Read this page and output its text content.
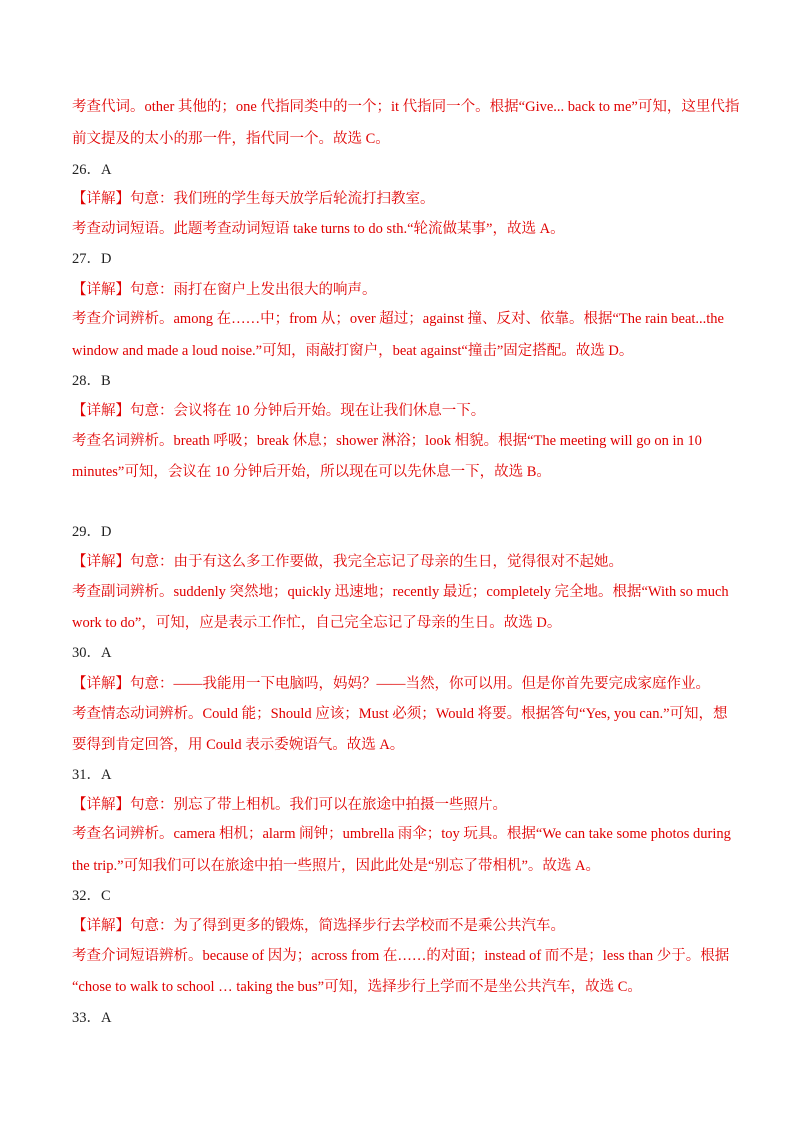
考查代词。other 其他的；one 代指同类中的一个；it 代指同一个。根据“Give... back to me”可知，这里代指
前文提及的太小的那一件，指代同一个。故选 C。
26．A
【详解】句意：我们班的学生每天放学后轮流打扫教室。
考查动词短语。此题考查动词短语 take turns to do sth.“轮流做某事”，故选 A。
27．D
【详解】句意：雨打在窗户上发出很大的响声。
考查介词辨析。among 在……中；from 从；over 超过；against 撞、反对、依靠。根据“The rain beat...the
window and made a loud noise.”可知，雨敲打窗户，beat against“撞击”固定搭配。故选 D。
28．B
【详解】句意：会议将在 10 分钟后开始。现在让我们休息一下。
考查名词辨析。breath 呼吸；break 休息；shower 淋浴；look 相貌。根据“The meeting will go on in 10
minutes”可知，会议在 10 分钟后开始，所以现在可以先休息一下，故选 B。
29．D
【详解】句意：由于有这么多工作要做，我完全忘记了母亲的生日，觉得很对不起她。
考查副词辨析。suddenly 突然地；quickly 迅速地；recently 最近；completely 完全地。根据“With so much
work to do”，可知，应是表示工作忙，自己完全忘记了母亲的生日。故选 D。
30．A
【详解】句意：——我能用一下电脑吗，妈妈？——当然，你可以用。但是你首先要完成家庭作业。
考查情态动词辨析。Could 能；Should 应该；Must 必须；Would 将要。根据答句“Yes, you can.”可知，想
要得到肯定回答，用 Could 表示委婉语气。故选 A。
31．A
【详解】句意：别忘了带上相机。我们可以在旅途中拍摄一些照片。
考查名词辨析。camera 相机；alarm 闹钟；umbrella 雨伞；toy 玩具。根据“We can take some photos during
the trip.”可知我们可以在旅途中拍一些照片，因此此处是“别忘了带相机”。故选 A。
32．C
【详解】句意：为了得到更多的锻炼，简选择步行去学校而不是乘公共汽车。
考查介词短语辨析。because of 因为；across from 在……的对面；instead of 而不是；less than 少于。根据
“chose to walk to school … taking the bus”可知，选择步行上学而不是坐公共汽车，故选 C。
33．A
